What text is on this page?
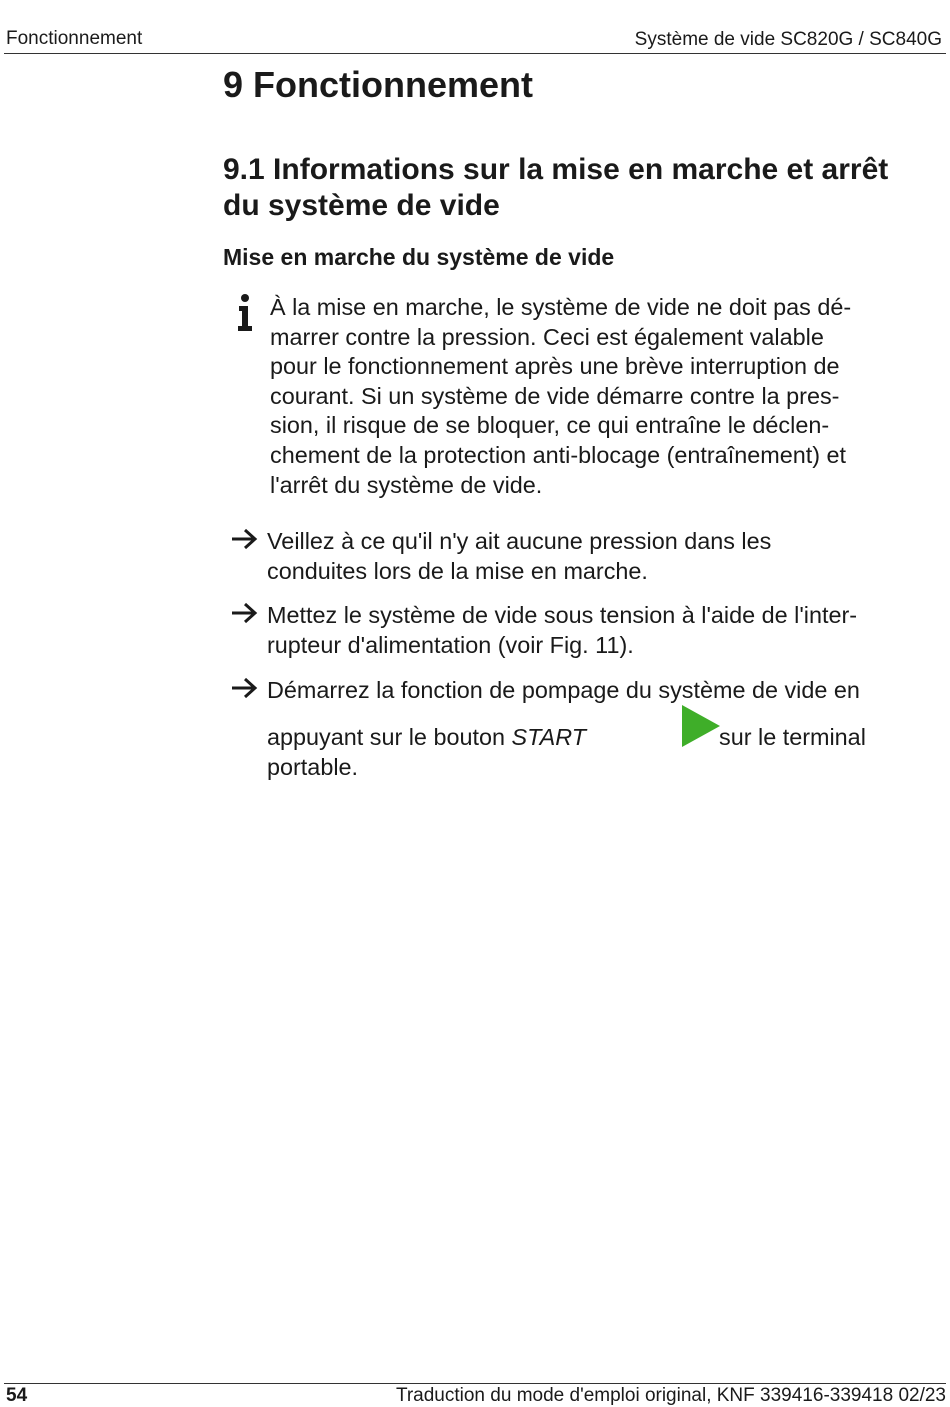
Fonctionnement	Système de vide SC820G / SC840G
9 Fonctionnement
9.1 Informations sur la mise en marche et arrêt du système de vide
Mise en marche du système de vide

À la mise en marche, le système de vide ne doit pas dé-
marrer contre la pression. Ceci est également valable
pour le fonctionnement après une brève interruption de
courant. Si un système de vide démarre contre la pres-
sion, il risque de se bloquer, ce qui entraîne le déclen-
chement de la protection anti-blocage (entraînement) et
l'arrêt du système de vide.

Veillez à ce qu'il n'y ait aucune pression dans les
conduites lors de la mise en marche.

Mettez le système de vide sous tension à l'aide de l'inter-
rupteur d'alimentation (voir Fig. 11).

Démarrez la fonction de pompage du système de vide en

appuyant sur le bouton START	sur le terminal

portable.

54	Traduction du mode d'emploi original, KNF 339416-339418 02/23
